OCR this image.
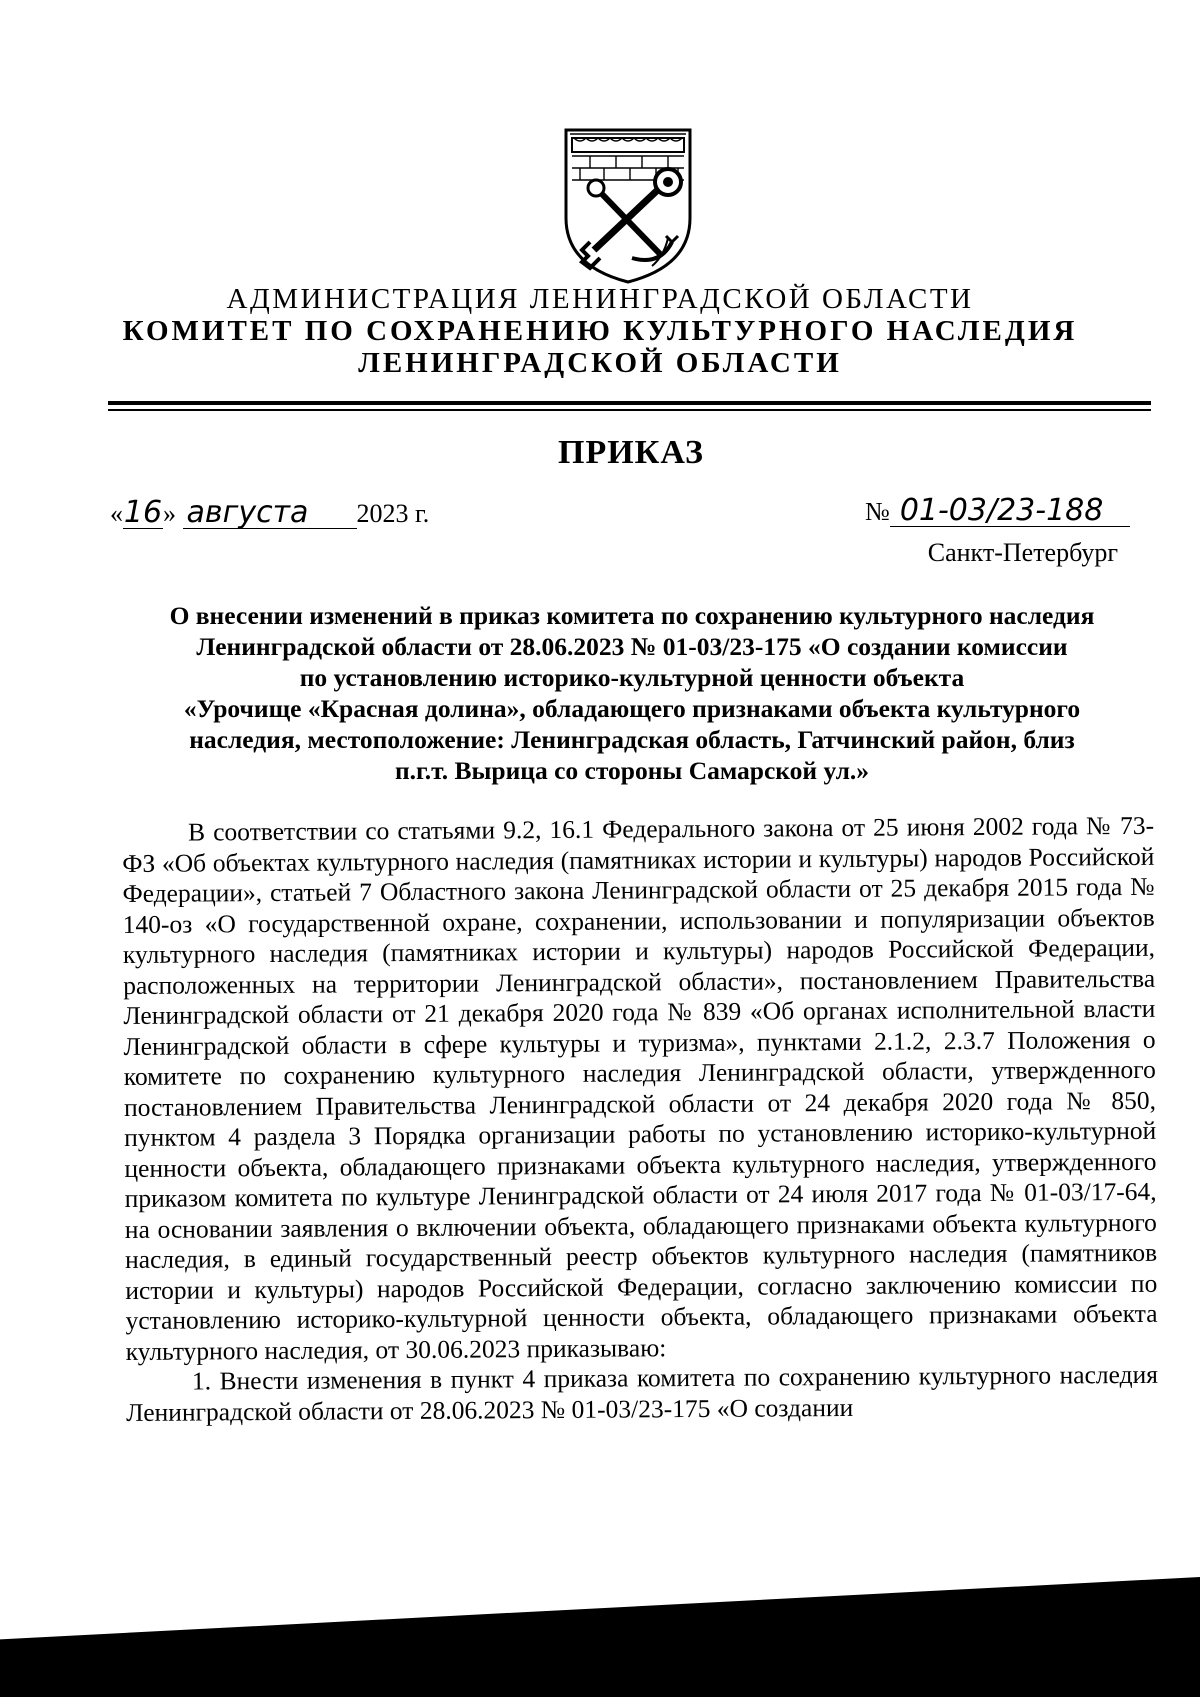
АДМИНИСТРАЦИЯ ЛЕНИНГРАДСКОЙ ОБЛАСТИ
КОМИТЕТ ПО СОХРАНЕНИЮ КУЛЬТУРНОГО НАСЛЕДИЯ
ЛЕНИНГРАДСКОЙ ОБЛАСТИ
ПРИКАЗ
«16» августа 2023 г.	№ 01-03/23-188
Санкт-Петербург
О внесении изменений в приказ комитета по сохранению культурного наследия
Ленинградской области от 28.06.2023 № 01-03/23-175 «О создании комиссии
по установлению историко-культурной ценности объекта
«Урочище «Красная долина», обладающего признаками объекта культурного
наследия, местоположение: Ленинградская область, Гатчинский район, близ
п.г.т. Вырица со стороны Самарской ул.»

В соответствии со статьями 9.2, 16.1 Федерального закона от 25 июня 2002 года № 73-ФЗ «Об объектах культурного наследия (памятниках истории и культуры) народов Российской Федерации», статьей 7 Областного закона Ленинградской области от 25 декабря 2015 года № 140-оз «О государственной охране, сохранении, использовании и популяризации объектов культурного наследия (памятниках истории и культуры) народов Российской Федерации, расположенных на территории Ленинградской области», постановлением Правительства Ленинградской области от 21 декабря 2020 года № 839 «Об органах исполнительной власти Ленинградской области в сфере культуры и туризма», пунктами 2.1.2, 2.3.7 Положения о комитете по сохранению культурного наследия Ленинградской области, утвержденного постановлением Правительства Ленинградской области от 24 декабря 2020 года № 850, пунктом 4 раздела 3 Порядка организации работы по установлению историко-культурной ценности объекта, обладающего признаками объекта культурного наследия, утвержденного приказом комитета по культуре Ленинградской области от 24 июля 2017 года № 01-03/17-64, на основании заявления о включении объекта, обладающего признаками объекта культурного наследия, в единый государственный реестр объектов культурного наследия (памятников истории и культуры) народов Российской Федерации, согласно заключению комиссии по установлению историко-культурной ценности объекта, обладающего признаками объекта культурного наследия, от 30.06.2023 приказываю:

1. Внести изменения в пункт 4 приказа комитета по сохранению культурного наследия Ленинградской области от 28.06.2023 № 01-03/23-175 «О создании
